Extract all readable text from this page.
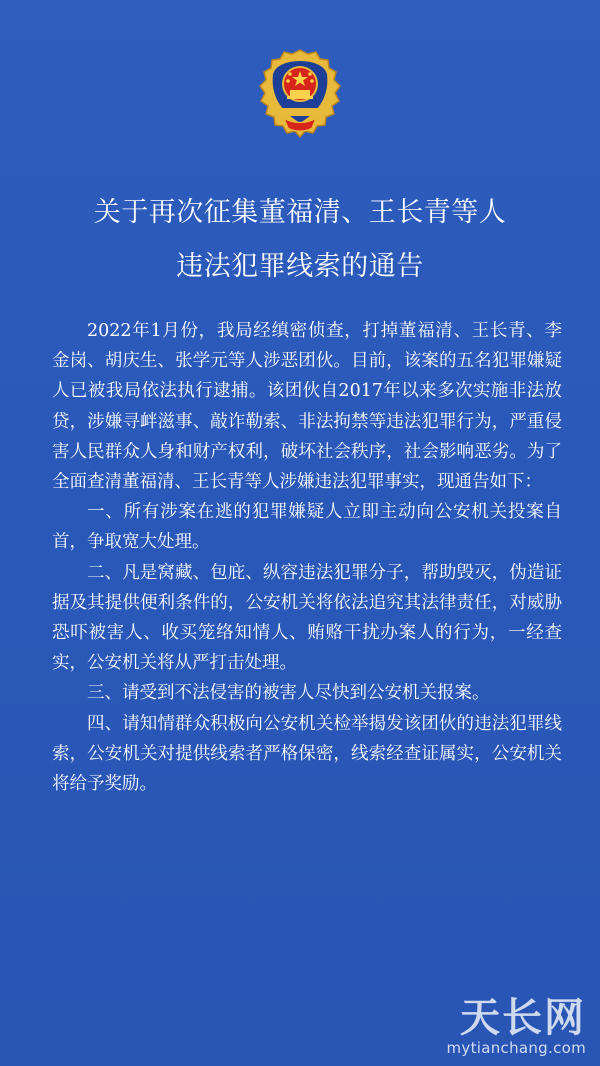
关于再次征集董福清、王长青等人
违法犯罪线索的通告

2022年1月份，我局经缜密侦查，打掉董福清、王长青、李金岗、胡庆生、张学元等人涉恶团伙。目前，该案的五名犯罪嫌疑人已被我局依法执行逮捕。该团伙自2017年以来多次实施非法放贷，涉嫌寻衅滋事、敲诈勒索、非法拘禁等违法犯罪行为，严重侵害人民群众人身和财产权利，破坏社会秩序，社会影响恶劣。为了全面查清董福清、王长青等人涉嫌违法犯罪事实，现通告如下：

一、所有涉案在逃的犯罪嫌疑人立即主动向公安机关投案自首，争取宽大处理。

二、凡是窝藏、包庇、纵容违法犯罪分子，帮助毁灭，伪造证据及其提供便利条件的，公安机关将依法追究其法律责任，对威胁恐吓被害人、收买笼络知情人、贿赂干扰办案人的行为，一经查实，公安机关将从严打击处理。

三、请受到不法侵害的被害人尽快到公安机关报案。

四、请知情群众积极向公安机关检举揭发该团伙的违法犯罪线索，公安机关对提供线索者严格保密，线索经查证属实，公安机关将给予奖励。

天长网
mytianchang.com
